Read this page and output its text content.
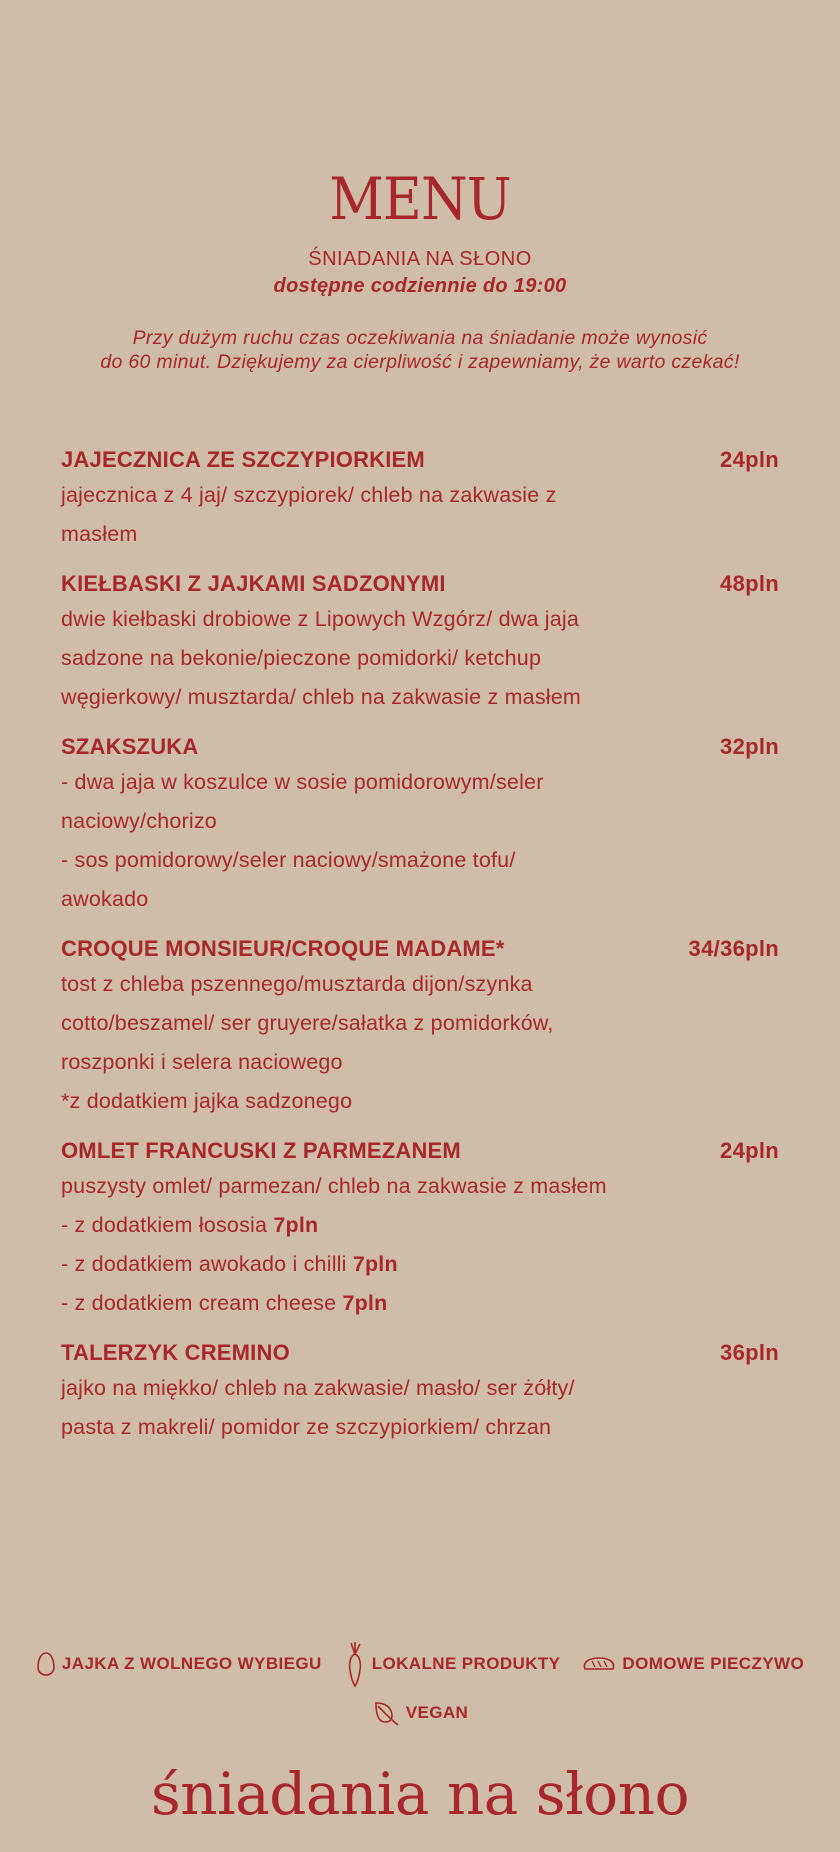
MENU
ŚNIADANIA NA SŁONO
dostępne codziennie do 19:00
Przy dużym ruchu czas oczekiwania na śniadanie może wynosić
do 60 minut. Dziękujemy za cierpliwość i zapewniamy, że warto czekać!
JAJECZNICA ZE SZCZYPIORKIEM	24pln
jajecznica z 4 jaj/ szczypiorek/ chleb na zakwasie z
masłem
KIEŁBASKI Z JAJKAMI SADZONYMI	48pln
dwie kiełbaski drobiowe z Lipowych Wzgórz/ dwa jaja
sadzone na bekonie/pieczone pomidorki/ ketchup
węgierkowy/ musztarda/ chleb na zakwasie z masłem
SZAKSZUKA	32pln
- dwa jaja w koszulce w sosie pomidorowym/seler
naciowy/chorizo
- sos pomidorowy/seler naciowy/smażone tofu/
awokado
CROQUE MONSIEUR/CROQUE MADAME*	34/36pln
tost z chleba pszennego/musztarda dijon/szynka
cotto/beszamel/ ser gruyere/sałatka z pomidorków,
roszponki i selera naciowego
*z dodatkiem jajka sadzonego
OMLET FRANCUSKI Z PARMEZANEM	24pln
puszysty omlet/ parmezan/ chleb na zakwasie z masłem
- z dodatkiem łososia 7pln
- z dodatkiem awokado i chilli 7pln
- z dodatkiem cream cheese 7pln
TALERZYK CREMINO	36pln
jajko na miękko/ chleb na zakwasie/ masło/ ser żółty/
pasta z makreli/ pomidor ze szczypiorkiem/ chrzan
JAJKA Z WOLNEGO WYBIEGU	LOKALNE PRODUKTY	DOMOWE PIECZYWO
VEGAN
śniadania na słono
